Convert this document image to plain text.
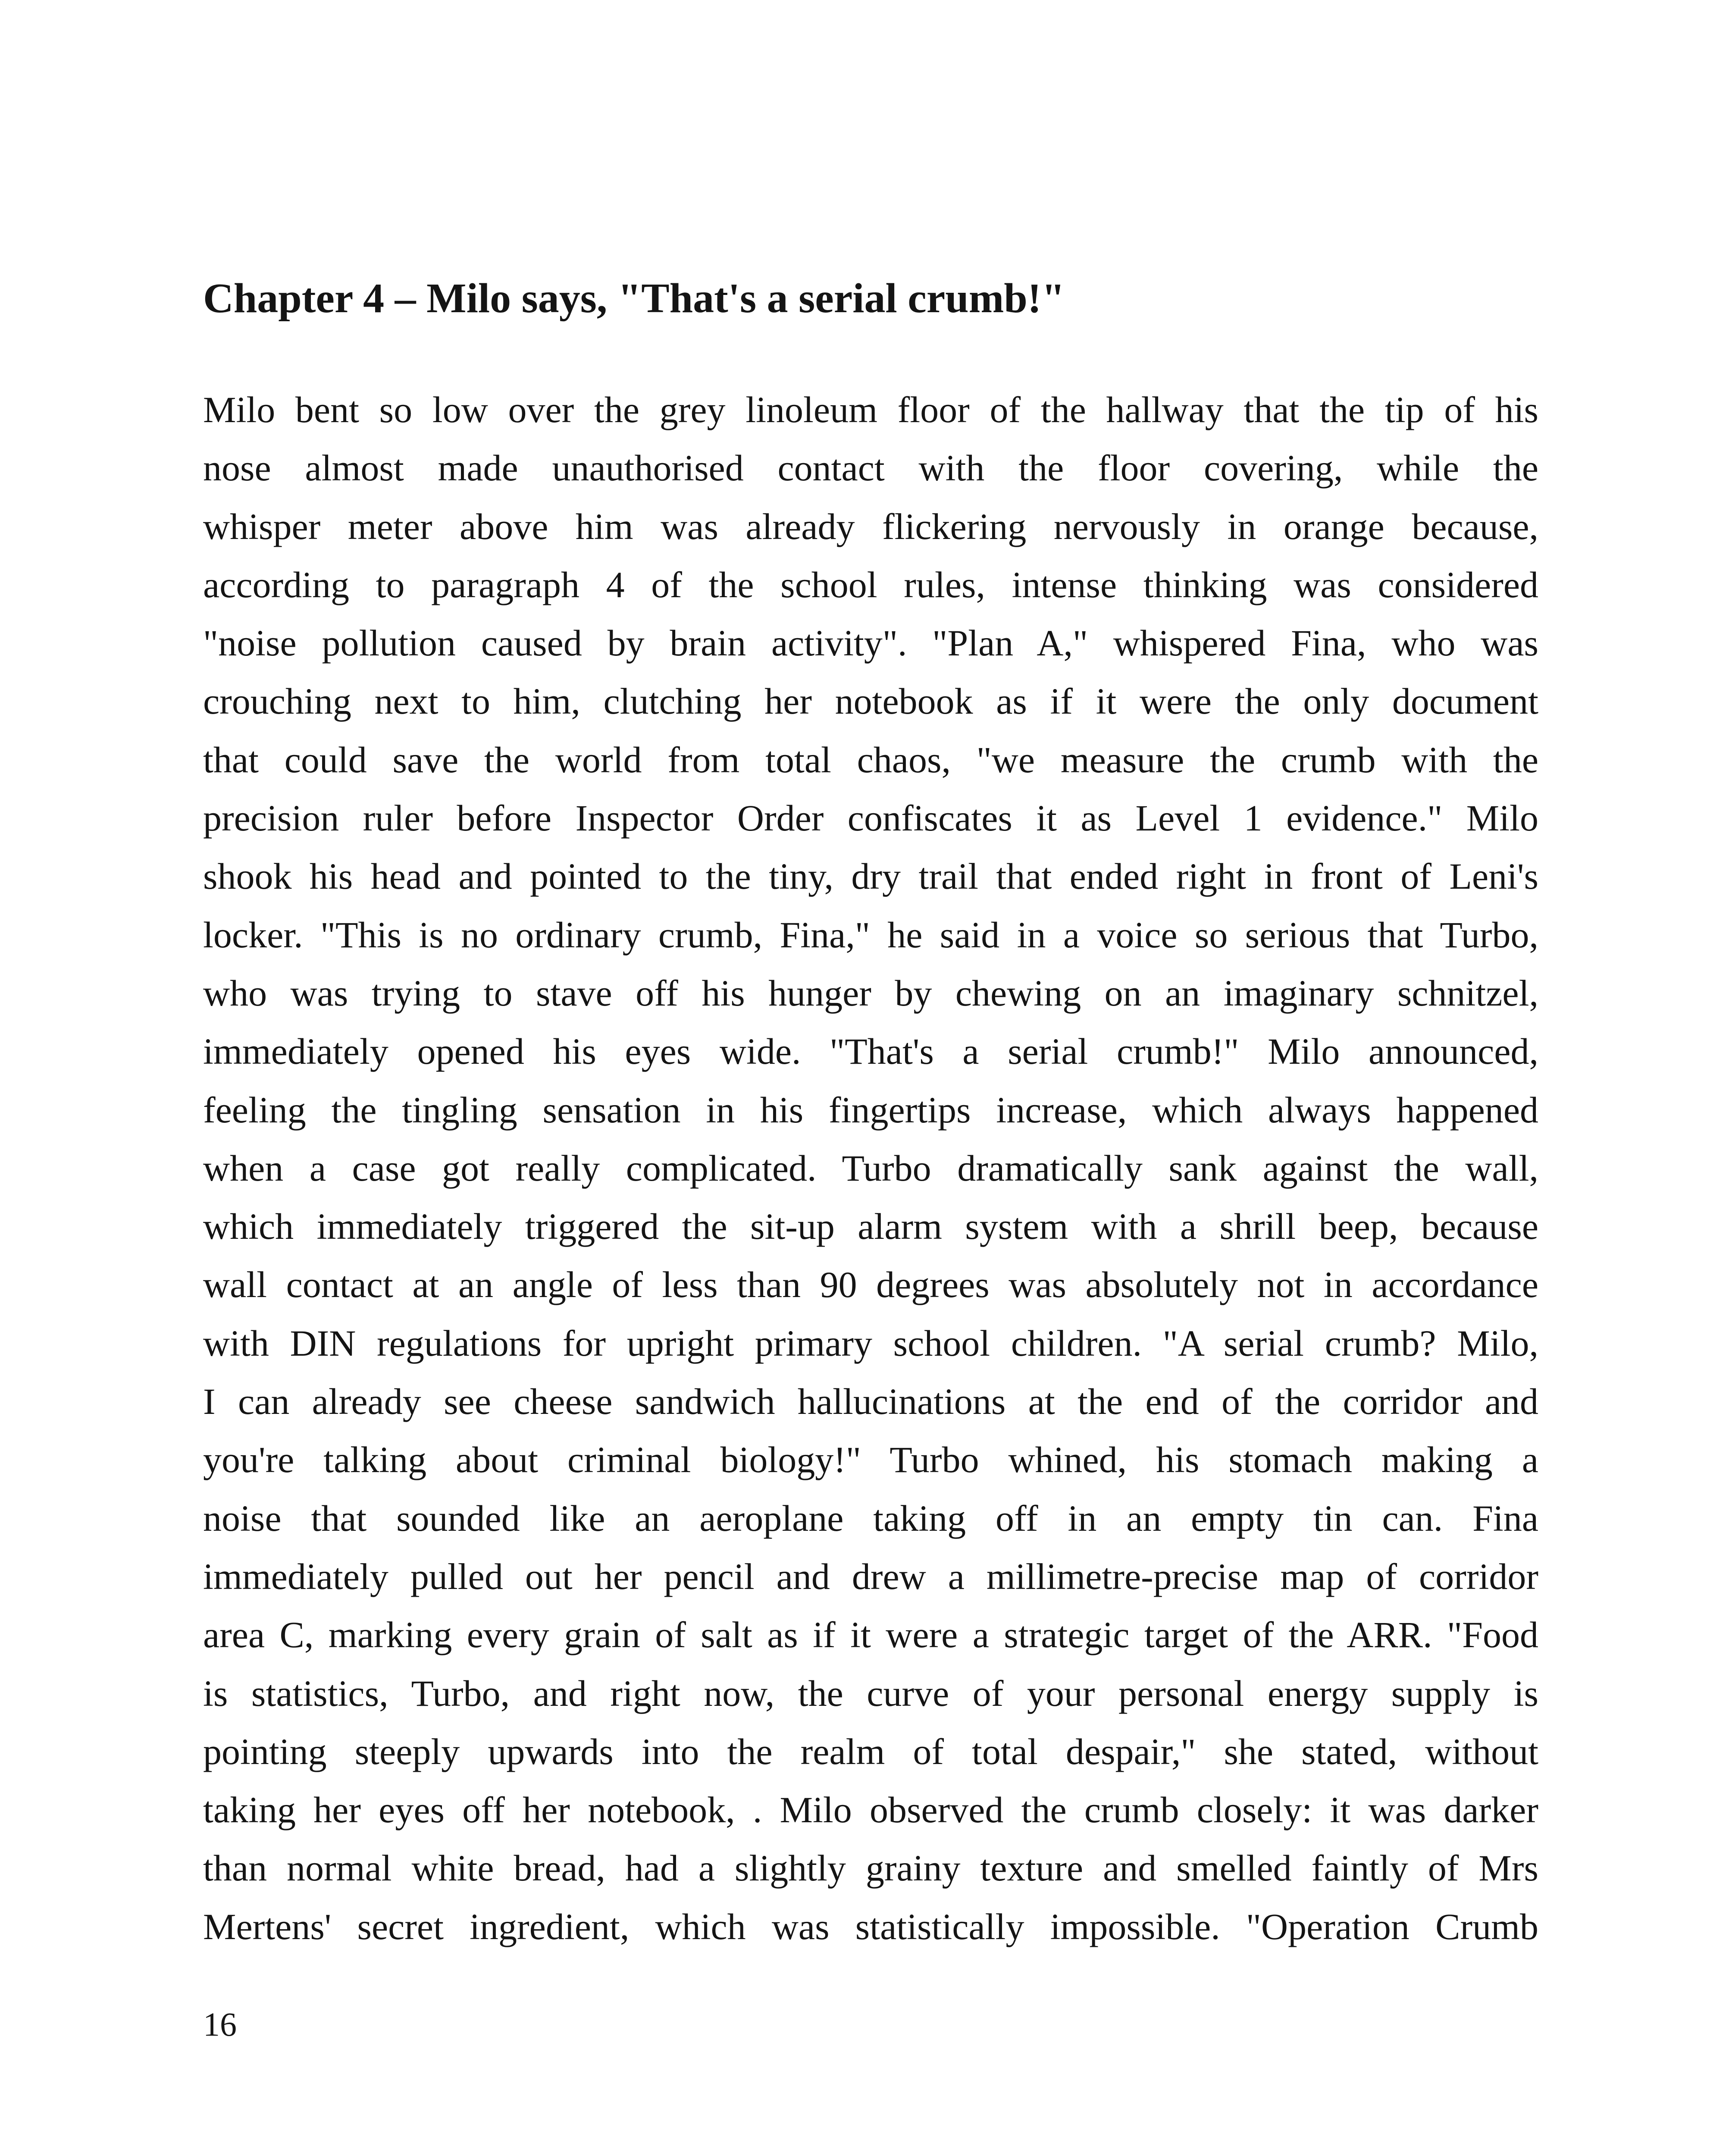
Chapter 4 – Milo says, "That's a serial crumb!"
Milo bent so low over the grey linoleum floor of the hallway that the tip of his
nose almost made unauthorised contact with the floor covering, while the
whisper meter above him was already flickering nervously in orange because,
according to paragraph 4 of the school rules, intense thinking was considered
"noise pollution caused by brain activity". "Plan A," whispered Fina, who was
crouching next to him, clutching her notebook as if it were the only document
that could save the world from total chaos, "we measure the crumb with the
precision ruler before Inspector Order confiscates it as Level 1 evidence." Milo
shook his head and pointed to the tiny, dry trail that ended right in front of Leni's
locker. "This is no ordinary crumb, Fina," he said in a voice so serious that Turbo,
who was trying to stave off his hunger by chewing on an imaginary schnitzel,
immediately opened his eyes wide. "That's a serial crumb!" Milo announced,
feeling the tingling sensation in his fingertips increase, which always happened
when a case got really complicated. Turbo dramatically sank against the wall,
which immediately triggered the sit-up alarm system with a shrill beep, because
wall contact at an angle of less than 90 degrees was absolutely not in accordance
with DIN regulations for upright primary school children. "A serial crumb? Milo,
I can already see cheese sandwich hallucinations at the end of the corridor and
you're talking about criminal biology!" Turbo whined, his stomach making a
noise that sounded like an aeroplane taking off in an empty tin can. Fina
immediately pulled out her pencil and drew a millimetre-precise map of corridor
area C, marking every grain of salt as if it were a strategic target of the ARR. "Food
is statistics, Turbo, and right now, the curve of your personal energy supply is
pointing steeply upwards into the realm of total despair," she stated, without
taking her eyes off her notebook, . Milo observed the crumb closely: it was darker
than normal white bread, had a slightly grainy texture and smelled faintly of Mrs
Mertens' secret ingredient, which was statistically impossible. "Operation Crumb
16
